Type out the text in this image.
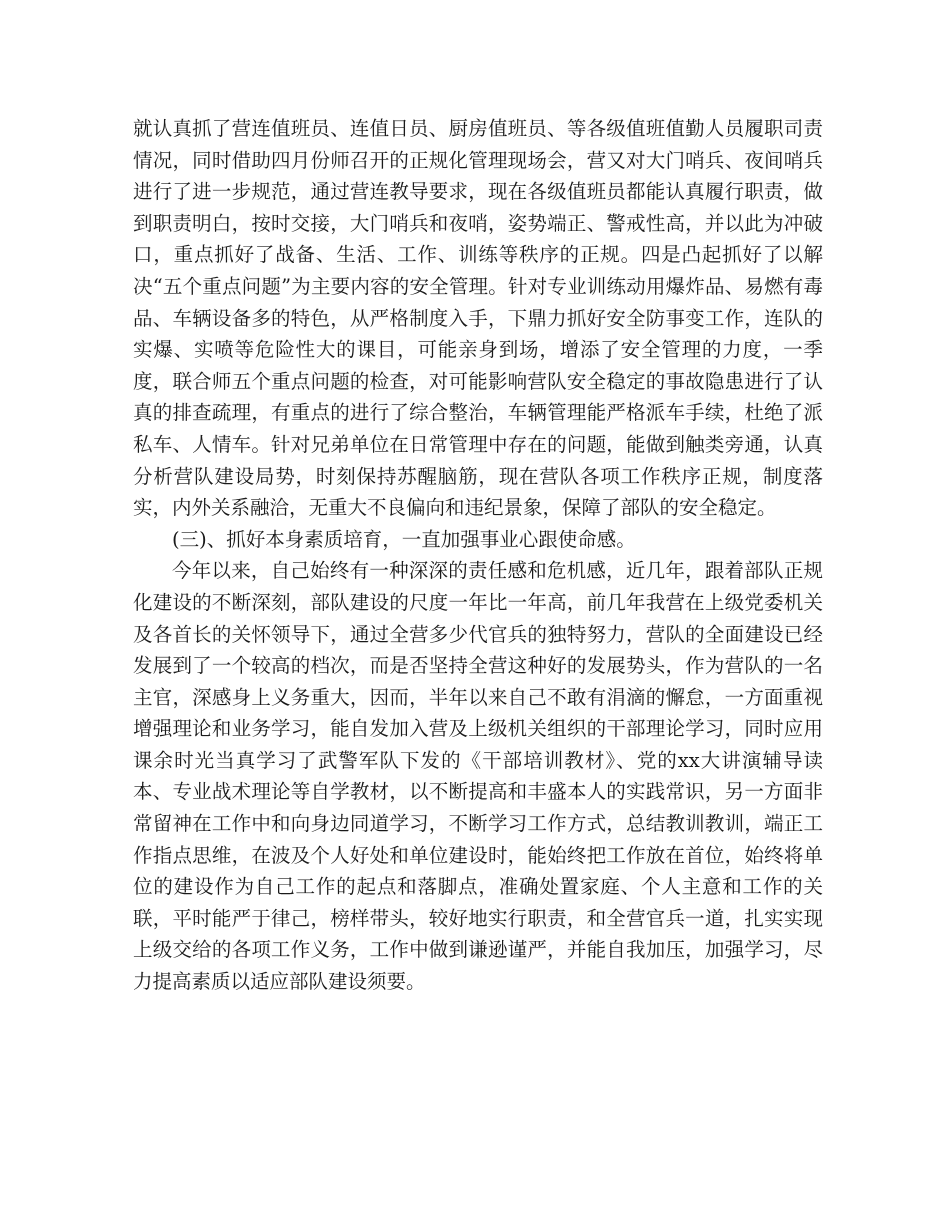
就认真抓了营连值班员、连值日员、厨房值班员、等各级值班值勤人员履职司责情况，同时借助四月份师召开的正规化管理现场会，营又对大门哨兵、夜间哨兵进行了进一步规范，通过营连教导要求，现在各级值班员都能认真履行职责，做到职责明白，按时交接，大门哨兵和夜哨，姿势端正、警戒性高，并以此为冲破口，重点抓好了战备、生活、工作、训练等秩序的正规。四是凸起抓好了以解决“五个重点问题”为主要内容的安全管理。针对专业训练动用爆炸品、易燃有毒品、车辆设备多的特色，从严格制度入手，下鼎力抓好安全防事变工作，连队的实爆、实喷等危险性大的课目，可能亲身到场，增添了安全管理的力度，一季度，联合师五个重点问题的检查，对可能影响营队安全稳定的事故隐患进行了认真的排查疏理，有重点的进行了综合整治，车辆管理能严格派车手续，杜绝了派私车、人情车。针对兄弟单位在日常管理中存在的问题，能做到触类旁通，认真分析营队建设局势，时刻保持苏醒脑筋，现在营队各项工作秩序正规，制度落实，内外关系融洽，无重大不良偏向和违纪景象，保障了部队的安全稳定。

(三)、抓好本身素质培育，一直加强事业心跟使命感。

今年以来，自己始终有一种深深的责任感和危机感，近几年，跟着部队正规化建设的不断深刻，部队建设的尺度一年比一年高，前几年我营在上级党委机关及各首长的关怀领导下，通过全营多少代官兵的独特努力，营队的全面建设已经发展到了一个较高的档次，而是否坚持全营这种好的发展势头，作为营队的一名主官，深感身上义务重大，因而，半年以来自己不敢有涓滴的懈怠，一方面重视增强理论和业务学习，能自发加入营及上级机关组织的干部理论学习，同时应用课余时光当真学习了武警军队下发的《干部培训教材》、党的xx大讲演辅导读本、专业战术理论等自学教材，以不断提高和丰盛本人的实践常识，另一方面非常留神在工作中和向身边同道学习，不断学习工作方式，总结教训教训，端正工作指点思维，在波及个人好处和单位建设时，能始终把工作放在首位，始终将单位的建设作为自己工作的起点和落脚点，准确处置家庭、个人主意和工作的关联，平时能严于律己，榜样带头，较好地实行职责，和全营官兵一道，扎实实现上级交给的各项工作义务，工作中做到谦逊谨严，并能自我加压，加强学习，尽力提高素质以适应部队建设须要。
